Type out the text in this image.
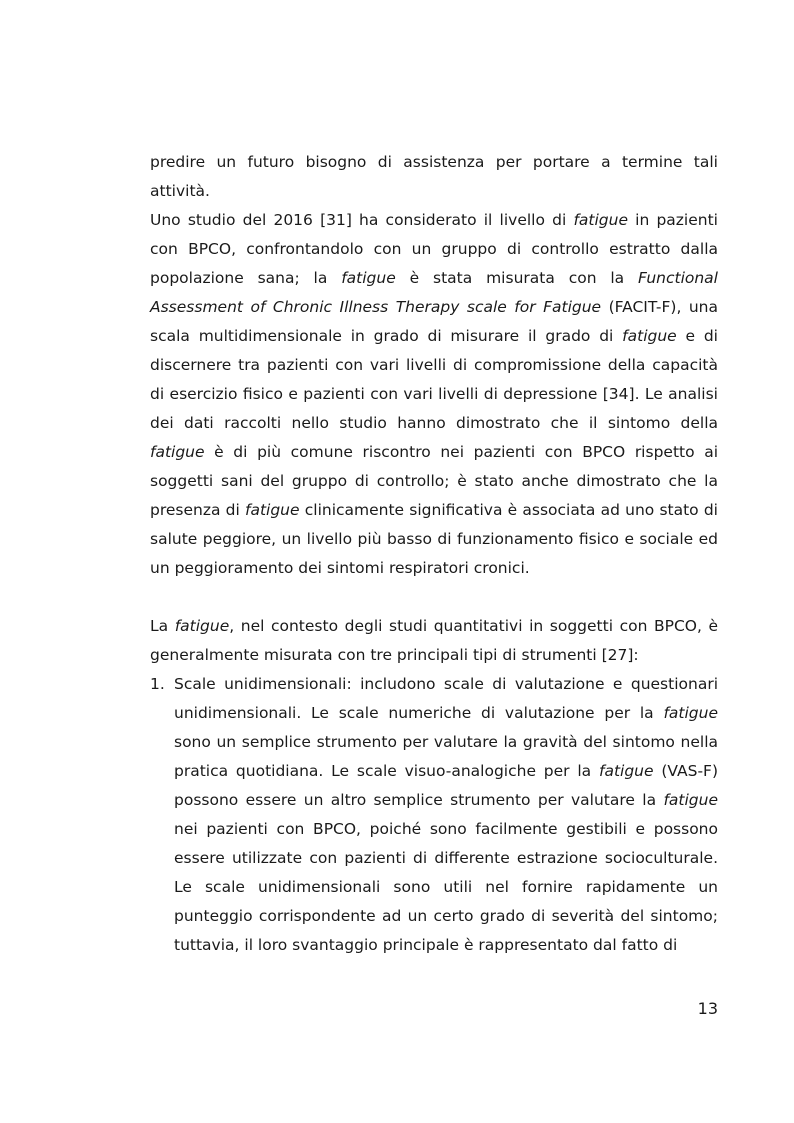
predire un futuro bisogno di assistenza per portare a termine tali attività.

Uno studio del 2016 [31] ha considerato il livello di fatigue in pazienti con BPCO, confrontandolo con un gruppo di controllo estratto dalla popolazione sana; la fatigue è stata misurata con la Functional Assessment of Chronic Illness Therapy scale for Fatigue (FACIT-F), una scala multidimensionale in grado di misurare il grado di fatigue e di discernere tra pazienti con vari livelli di compromissione della capacità di esercizio fisico e pazienti con vari livelli di depressione [34]. Le analisi dei dati raccolti nello studio hanno dimostrato che il sintomo della fatigue è di più comune riscontro nei pazienti con BPCO rispetto ai soggetti sani del gruppo di controllo; è stato anche dimostrato che la presenza di fatigue clinicamente significativa è associata ad uno stato di salute peggiore, un livello più basso di funzionamento fisico e sociale ed un peggioramento dei sintomi respiratori cronici.

La fatigue, nel contesto degli studi quantitativi in soggetti con BPCO, è generalmente misurata con tre principali tipi di strumenti [27]:

1. Scale unidimensionali: includono scale di valutazione e questionari unidimensionali. Le scale numeriche di valutazione per la fatigue sono un semplice strumento per valutare la gravità del sintomo nella pratica quotidiana. Le scale visuo-analogiche per la fatigue (VAS-F) possono essere un altro semplice strumento per valutare la fatigue nei pazienti con BPCO, poiché sono facilmente gestibili e possono essere utilizzate con pazienti di differente estrazione socioculturale. Le scale unidimensionali sono utili nel fornire rapidamente un punteggio corrispondente ad un certo grado di severità del sintomo; tuttavia, il loro svantaggio principale è rappresentato dal fatto di
13
